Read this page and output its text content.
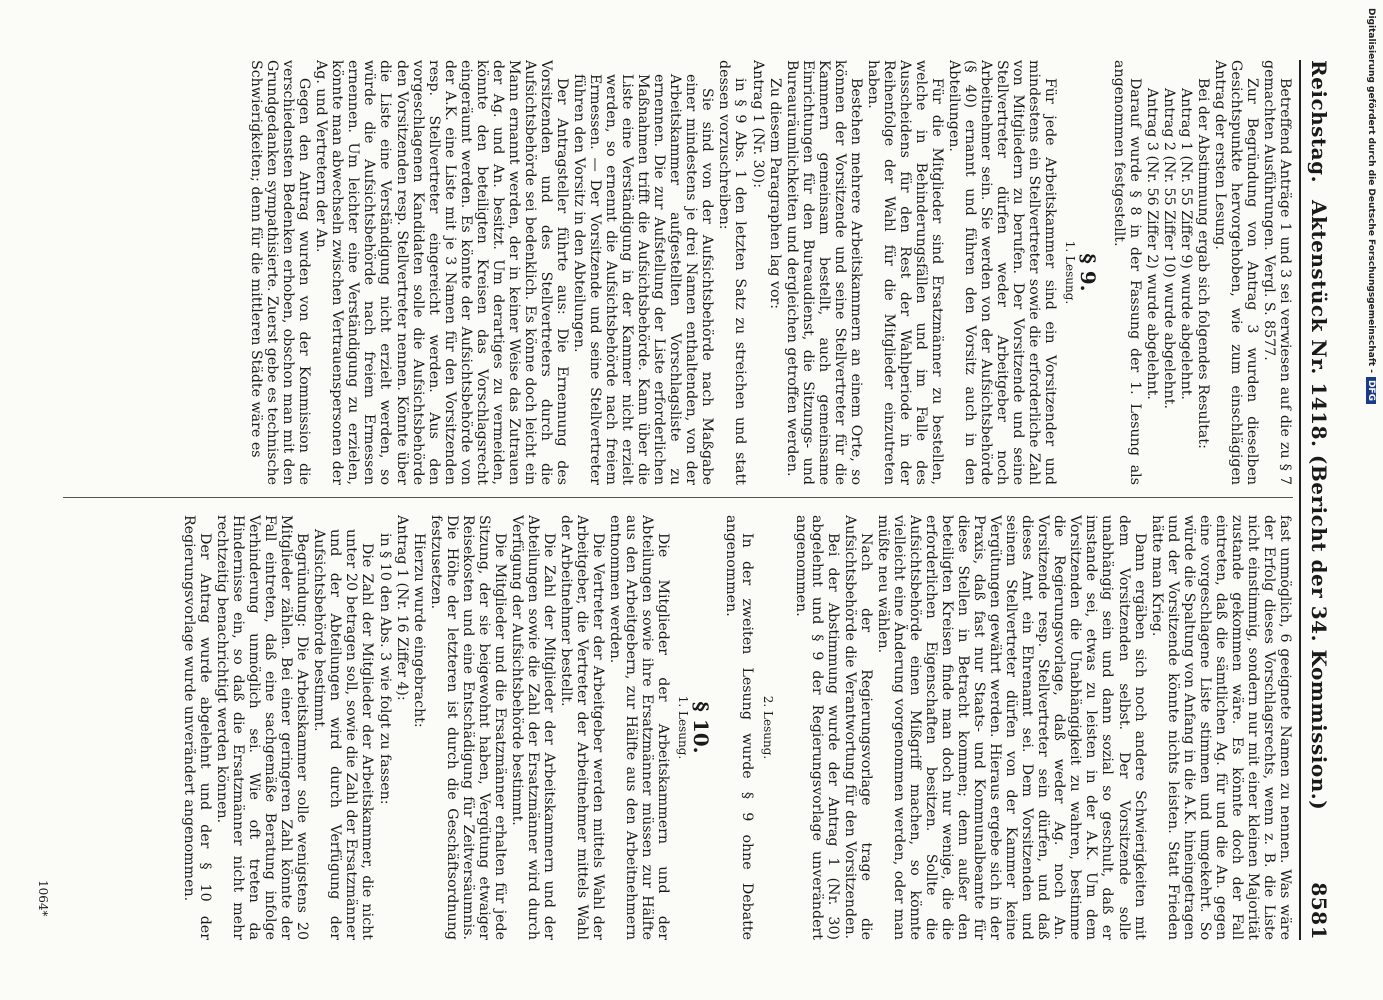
Reichstag.
Aktenstück Nr. 1418. (Bericht der 34. Kommission.)
8581

Betreffend Anträge 1 und 3 sei verwiesen auf die zu § 7 gemachten Ausführungen. Vergl. S. 8577.

Zur Begründung von Antrag 3 wurden dieselben Gesichtspunkte hervorgehoben, wie zum einschlägigen Antrag der ersten Lesung.

Bei der Abstimmung ergab sich folgendes Resultat:

Antrag 1 (Nr. 55 Ziffer 9) wurde abgelehnt.

Antrag 2 (Nr. 55 Ziffer 10) wurde abgelehnt.

Antrag 3 (Nr. 56 Ziffer 2) wurde abgelehnt.

Darauf wurde § 8 in der Fassung der 1. Lesung als angenommen festgestellt.

§ 9.
1. Lesung.

Für jede Arbeitskammer sind ein Vorsitzender und mindestens ein Stellvertreter sowie die erforderliche Zahl von Mitgliedern zu berufen. Der Vorsitzende und seine Stellvertreter dürfen weder Arbeitgeber noch Arbeitnehmer sein. Sie werden von der Aufsichtsbehörde (§ 40) ernannt und führen den Vorsitz auch in den Abteilungen.

Für die Mitglieder sind Ersatzmänner zu bestellen, welche in Behinderungsfällen und im Falle des Ausscheidens für den Rest der Wahlperiode in der Reihenfolge der Wahl für die Mitglieder einzutreten haben.

Bestehen mehrere Arbeitskammern an einem Orte, so können der Vorsitzende und seine Stellvertreter für die Kammern gemeinsam bestellt, auch gemeinsame Einrichtungen für den Bureaudienst, die Sitzungs- und Bureauräumlichkeiten und dergleichen getroffen werden.

Zu diesem Paragraphen lag vor:

Antrag 1 (Nr. 30):

in § 9 Abs. 1 den letzten Satz zu streichen und statt dessen vorzuschreiben:

Sie sind von der Aufsichtsbehörde nach Maßgabe einer mindestens je drei Namen enthaltenden, von der Arbeitskammer aufgestellten Vorschlagsliste zu ernennen. Die zur Aufstellung der Liste erforderlichen Maßnahmen trifft die Aufsichtsbehörde. Kann über die Liste eine Verständigung in der Kammer nicht erzielt werden, so ernennt die Aufsichtsbehörde nach freiem Ermessen. — Der Vorsitzende und seine Stellvertreter führen den Vorsitz in den Abteilungen.

Der Antragsteller führte aus: Die Ernennung des Vorsitzenden und des Stellvertreters durch die Aufsichtsbehörde sei bedenklich. Es könne doch leicht ein Mann ernannt werden, der in keiner Weise das Zutrauen der Ag. und An. besitzt. Um derartiges zu vermeiden, könnte den beteiligten Kreisen das Vorschlagsrecht eingeräumt werden. Es könnte der Aufsichtsbehörde von der A.K. eine Liste mit je 3 Namen für den Vorsitzenden resp. Stellvertreter eingereicht werden. Aus den vorgeschlagenen Kandidaten solle die Aufsichtsbehörde den Vorsitzenden resp. Stellvertreter nennen. Könnte über die Liste eine Verständigung nicht erzielt werden, so würde die Aufsichtsbehörde nach freiem Ermessen ernennen. Um leichter eine Verständigung zu erzielen, könnte man abwechseln zwischen Vertrauenspersonen der Ag. und Vertretern der An.

Gegen den Antrag wurden von der Kommission die verschiedensten Bedenken erhoben, obschon man mit den Grundgedanken sympathisierte. Zuerst gebe es technische Schwierigkeiten; denn für die mittleren Städte wäre es

fast unmöglich, 6 geeignete Namen zu nennen. Was wäre der Erfolg dieses Vorschlagsrechts, wenn z. B. die Liste nicht einstimmig, sondern nur mit einer kleinen Majorität zustande gekommen wäre. Es könnte doch der Fall eintreten, daß die sämtlichen Ag. für und die An. gegen eine vorgeschlagene Liste stimmen und umgekehrt. So würde die Spaltung von Anfang in die A.K. hineingetragen und der Vorsitzende könnte nichts leisten. Statt Frieden hätte man Krieg.

Dann ergäben sich noch andere Schwierigkeiten mit dem Vorsitzenden selbst. Der Vorsitzende solle unabhängig sein und dann sozial so geschult, daß er imstande sei, etwas zu leisten in der A.K. Um dem Vorsitzenden die Unabhängigkeit zu wahren, bestimme die Regierungsvorlage, daß weder Ag. noch An. Vorsitzende resp. Stellvertreter sein dürfen, und daß dieses Amt ein Ehrenamt sei. Dem Vorsitzenden und seinem Stellvertreter dürfen von der Kammer keine Vergütungen gewährt werden. Hieraus ergebe sich in der Praxis, daß fast nur Staats- und Kommunalbeamte für diese Stellen in Betracht kommen; denn außer den beteiligten Kreisen finde man doch nur wenige, die die erforderlichen Eigenschaften besitzen. Sollte die Aufsichtsbehörde einen Mißgriff machen, so könnte vielleicht eine Änderung vorgenommen werden, oder man müßte neu wählen.

Nach der Regierungsvorlage trage die Aufsichtsbehörde die Verantwortung für den Vorsitzenden.

Bei der Abstimmung wurde der Antrag 1 (Nr. 30) abgelehnt und § 9 der Regierungsvorlage unverändert angenommen.

2. Lesung.

In der zweiten Lesung wurde § 9 ohne Debatte angenommen.

§ 10.
1. Lesung.

Die Mitglieder der Arbeitskammern und der Abteilungen sowie ihre Ersatzmänner müssen zur Hälfte aus den Arbeitgebern, zur Hälfte aus den Arbeitnehmern entnommen werden.

Die Vertreter der Arbeitgeber werden mittels Wahl der Arbeitgeber, die Vertreter der Arbeitnehmer mittels Wahl der Arbeitnehmer bestellt.

Die Zahl der Mitglieder der Arbeitskammern und der Abteilungen sowie die Zahl der Ersatzmänner wird durch Verfügung der Aufsichtsbehörde bestimmt.

Die Mitglieder und die Ersatzmänner erhalten für jede Sitzung, der sie beigewohnt haben, Vergütung etwaiger Reisekosten und eine Entschädigung für Zeitversäumnis. Die Höhe der letzteren ist durch die Geschäftsordnung festzusetzen.

Hierzu wurde eingebracht:

Antrag 1 (Nr. 16 Ziffer 4):

in § 10 den Abs. 3 wie folgt zu fassen:

Die Zahl der Mitglieder der Arbeitskammer, die nicht unter 20 betragen soll, sowie die Zahl der Ersatzmänner und der Abteilungen wird durch Verfügung der Aufsichtsbehörde bestimmt.

Begründung: Die Arbeitskammer solle wenigstens 20 Mitglieder zählen. Bei einer geringeren Zahl könnte der Fall eintreten, daß eine sachgemäße Beratung infolge Verhinderung unmöglich sei. Wie oft treten da Hindernisse ein, so daß die Ersatzmänner nicht mehr rechtzeitig benachrichtigt werden können.

Der Antrag wurde abgelehnt und der § 10 der Regierungsvorlage wurde unverändert angenommen.

1064*
Digitalisierung gefördert durch die Deutsche Forschungsgemeinschaft -DFG
